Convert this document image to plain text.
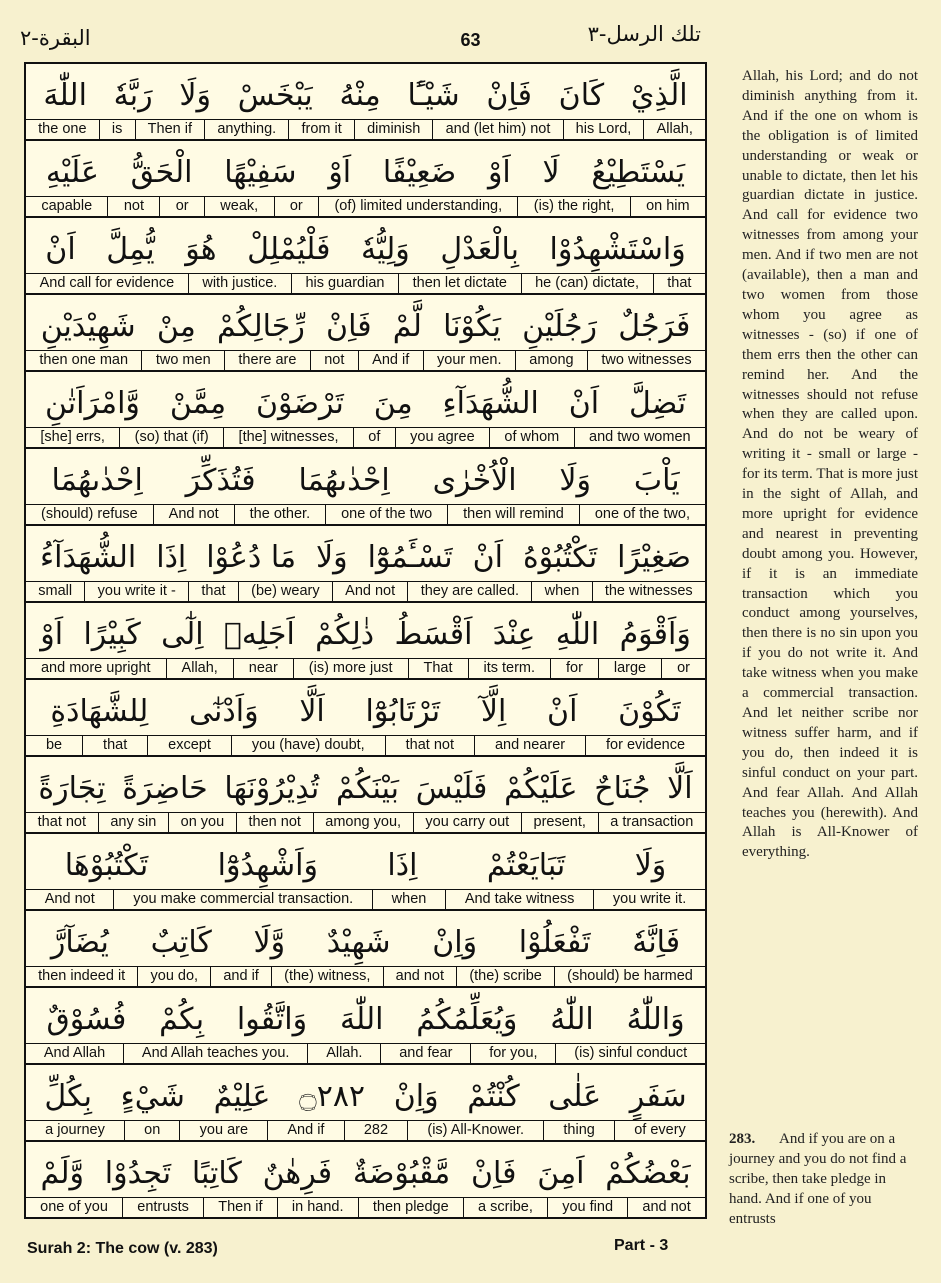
البقرة-٢	63	تلك الرسل-٣
اللّٰهَ رَبَّهٗ وَلَا يَبْخَسْ مِنْهُ شَيْـًٔا فَاِنْ كَانَ الَّذِيْ
the one	is	Then if	anything.	from it	diminish	and (let him) not	his Lord,	Allah,
عَلَيْهِ الْحَقُّ سَفِيْهًا اَوْ ضَعِيْفًا اَوْ لَا يَسْتَطِيْعُ
capable	not	or	weak,	or	(of) limited understanding,	(is) the right,	on him
اَنْ يُّمِلَّ هُوَ فَلْيُمْلِلْ وَلِيُّهٗ بِالْعَدْلِ وَاسْتَشْهِدُوْا
And call for evidence	with justice.	his guardian	then let dictate	he (can) dictate,	that
شَهِيْدَيْنِ مِنْ رِّجَالِكُمْ فَاِنْ لَّمْ يَكُوْنَا رَجُلَيْنِ فَرَجُلٌ
then one man	two men	there are	not	And if	your men.	among	two witnesses
وَّامْرَاَتٰنِ مِمَّنْ تَرْضَوْنَ مِنَ الشُّهَدَآءِ اَنْ تَضِلَّ
[she] errs,	(so) that (if)	[the] witnesses,	of	you agree	of whom	and two women
اِحْدٰىهُمَا فَتُذَكِّرَ اِحْدٰىهُمَا الْاُخْرٰى وَلَا يَاْبَ
(should) refuse	And not	the other.	one of the two	then will remind	one of the two,
الشُّهَدَآءُ اِذَا مَا دُعُوْا وَلَا تَسْـَٔمُوْٓا اَنْ تَكْتُبُوْهُ صَغِيْرًا
small	you write it -	that	(be) weary	And not	they are called.	when	the witnesses
اَوْ كَبِيْرًا اِلٰٓى اَجَلِهٖ ذٰلِكُمْ اَقْسَطُ عِنْدَ اللّٰهِ وَاَقْوَمُ
and more upright	Allah,	near	(is) more just	That	its term.	for	large	or
لِلشَّهَادَةِ وَاَدْنٰٓى اَلَّا تَرْتَابُوْٓا اِلَّآ اَنْ تَكُوْنَ
be	that	except	you (have) doubt,	that not	and nearer	for evidence
تِجَارَةً حَاضِرَةً تُدِيْرُوْنَهَا بَيْنَكُمْ فَلَيْسَ عَلَيْكُمْ جُنَاحٌ اَلَّا
that not	any sin	on you	then not	among you,	you carry out	present,	a transaction
تَكْتُبُوْهَا وَاَشْهِدُوْٓا اِذَا تَبَايَعْتُمْ وَلَا
And not	you make commercial transaction.	when	And take witness	you write it.
يُضَآرَّ كَاتِبٌ وَّلَا شَهِيْدٌ وَاِنْ تَفْعَلُوْا فَاِنَّهٗ
then indeed it	you do,	and if	(the) witness,	and not	(the) scribe	(should) be harmed
فُسُوْقٌ بِكُمْ وَاتَّقُوا اللّٰهَ وَيُعَلِّمُكُمُ اللّٰهُ وَاللّٰهُ
And Allah	And Allah teaches you.	Allah.	and fear	for you,	(is) sinful conduct
بِكُلِّ شَيْءٍ عَلِيْمٌ ۝٢٨٢ وَاِنْ كُنْتُمْ عَلٰى سَفَرٍ
a journey	on	you are	And if	282	(is) All-Knower.	thing	of every
وَّلَمْ تَجِدُوْا كَاتِبًا فَرِهٰنٌ مَّقْبُوْضَةٌ فَاِنْ اَمِنَ بَعْضُكُمْ
one of you	entrusts	Then if	in hand.	then pledge	a scribe,	you find	and not
Allah, his Lord; and do not diminish anything from it. And if the one on whom is the obligation is of limited understanding or weak or unable to dictate, then let his guardian dictate in justice. And call for evidence two witnesses from among your men. And if two men are not (available), then a man and two women from those whom you agree as witnesses - (so) if one of them errs then the other can remind her. And the witnesses should not refuse when they are called upon. And do not be weary of writing it - small or large - for its term. That is more just in the sight of Allah, and more upright for evidence and nearest in preventing doubt among you. However, if it is an immediate transaction which you conduct among yourselves, then there is no sin upon you if you do not write it. And take witness when you make a commercial transaction. And let neither scribe nor witness suffer harm, and if you do, then indeed it is sinful conduct on your part. And fear Allah. And Allah teaches you (herewith). And Allah is All-Knower of everything.
283. And if you are on a journey and you do not find a scribe, then take pledge in hand. And if one of you entrusts
Surah 2: The cow (v. 283)	Part - 3
